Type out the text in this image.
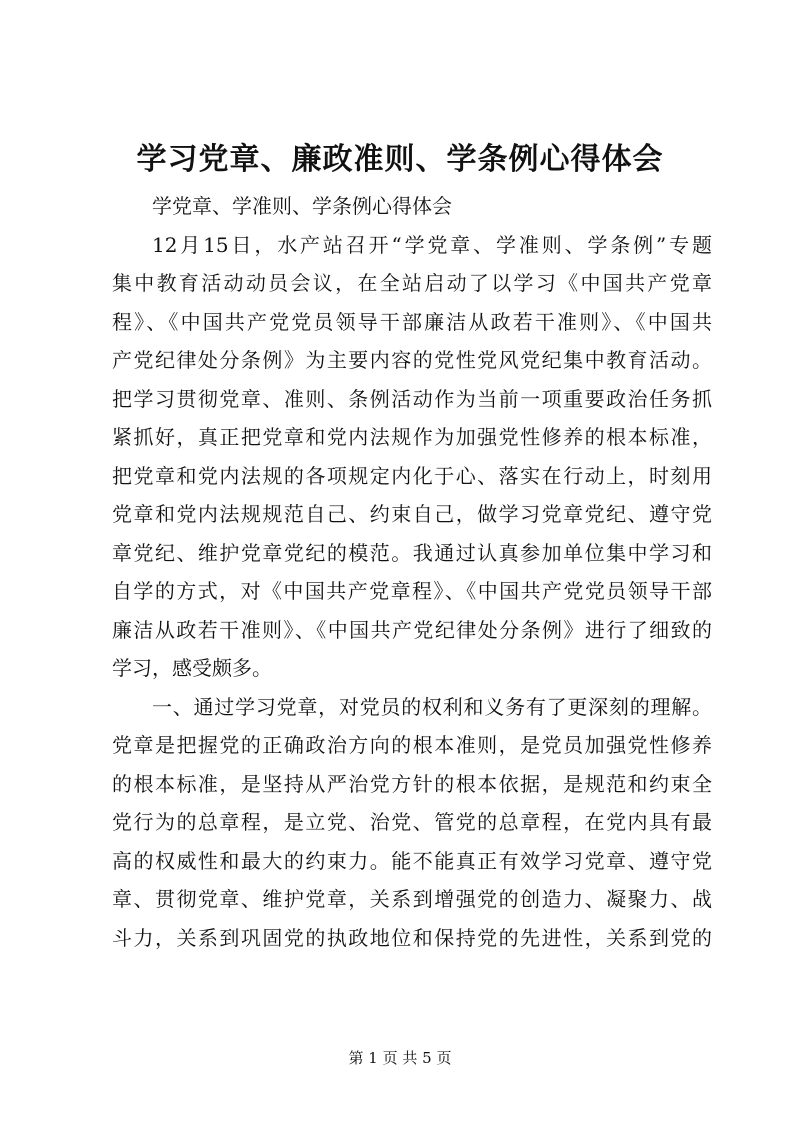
学习党章、廉政准则、学条例心得体会
学党章、学准则、学条例心得体会
12月15日，水产站召开“学党章、学准则、学条例”专题
集中教育活动动员会议，在全站启动了以学习《中国共产党章
程》、《中国共产党党员领导干部廉洁从政若干准则》、《中国共
产党纪律处分条例》为主要内容的党性党风党纪集中教育活动。
把学习贯彻党章、准则、条例活动作为当前一项重要政治任务抓
紧抓好，真正把党章和党内法规作为加强党性修养的根本标准，
把党章和党内法规的各项规定内化于心、落实在行动上，时刻用
党章和党内法规规范自己、约束自己，做学习党章党纪、遵守党
章党纪、维护党章党纪的模范。我通过认真参加单位集中学习和
自学的方式，对《中国共产党章程》、《中国共产党党员领导干部
廉洁从政若干准则》、《中国共产党纪律处分条例》进行了细致的
学习，感受颇多。
一、通过学习党章，对党员的权利和义务有了更深刻的理解。
党章是把握党的正确政治方向的根本准则，是党员加强党性修养
的根本标准，是坚持从严治党方针的根本依据，是规范和约束全
党行为的总章程，是立党、治党、管党的总章程，在党内具有最
高的权威性和最大的约束力。能不能真正有效学习党章、遵守党
章、贯彻党章、维护党章，关系到增强党的创造力、凝聚力、战
斗力，关系到巩固党的执政地位和保持党的先进性，关系到党的
第 1 页 共 5 页
